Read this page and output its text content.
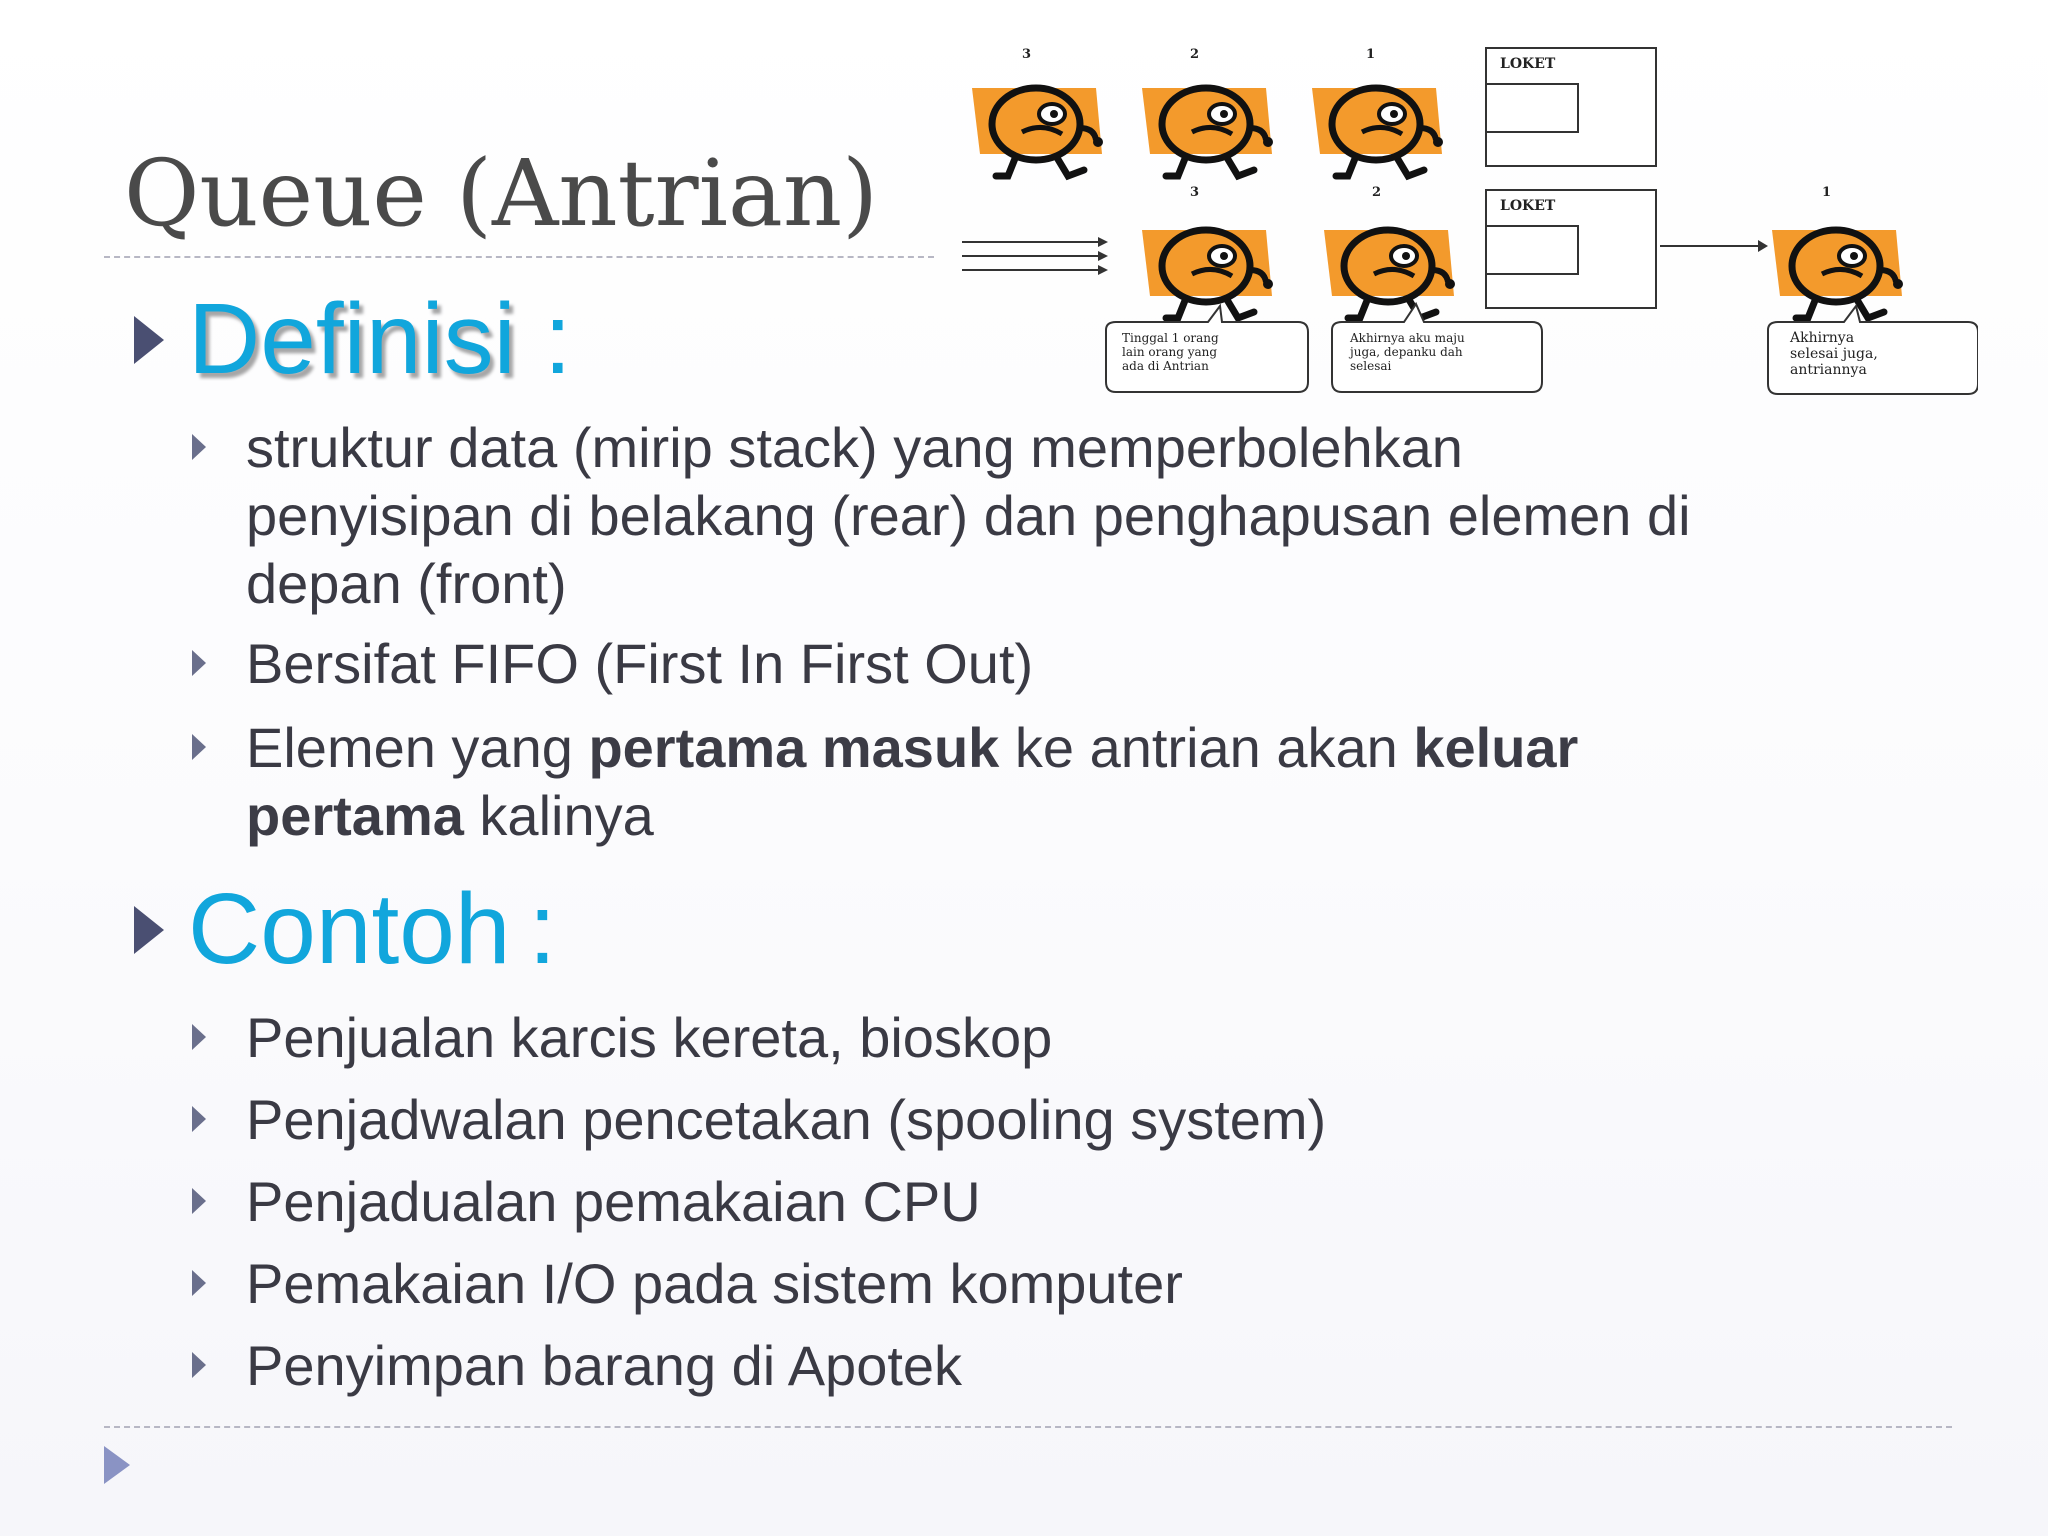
Queue (Antrian)
3	2	1
LOKET
3	2	1
LOKET
Tinggal 1 orang
lain orang yang
ada di Antrian
Akhirnya aku maju
juga, depanku dah
selesai
Akhirnya
selesai juga,
antriannya
Definisi :
struktur data (mirip stack) yang memperbolehkan
penyisipan di belakang (rear) dan penghapusan elemen di
depan (front)
Bersifat FIFO (First In First Out)
Elemen yang pertama masuk ke antrian akan keluar
pertama kalinya
Contoh :
Penjualan karcis kereta, bioskop
Penjadwalan pencetakan (spooling system)
Penjadualan pemakaian CPU
Pemakaian I/O pada sistem komputer
Penyimpan barang di Apotek
